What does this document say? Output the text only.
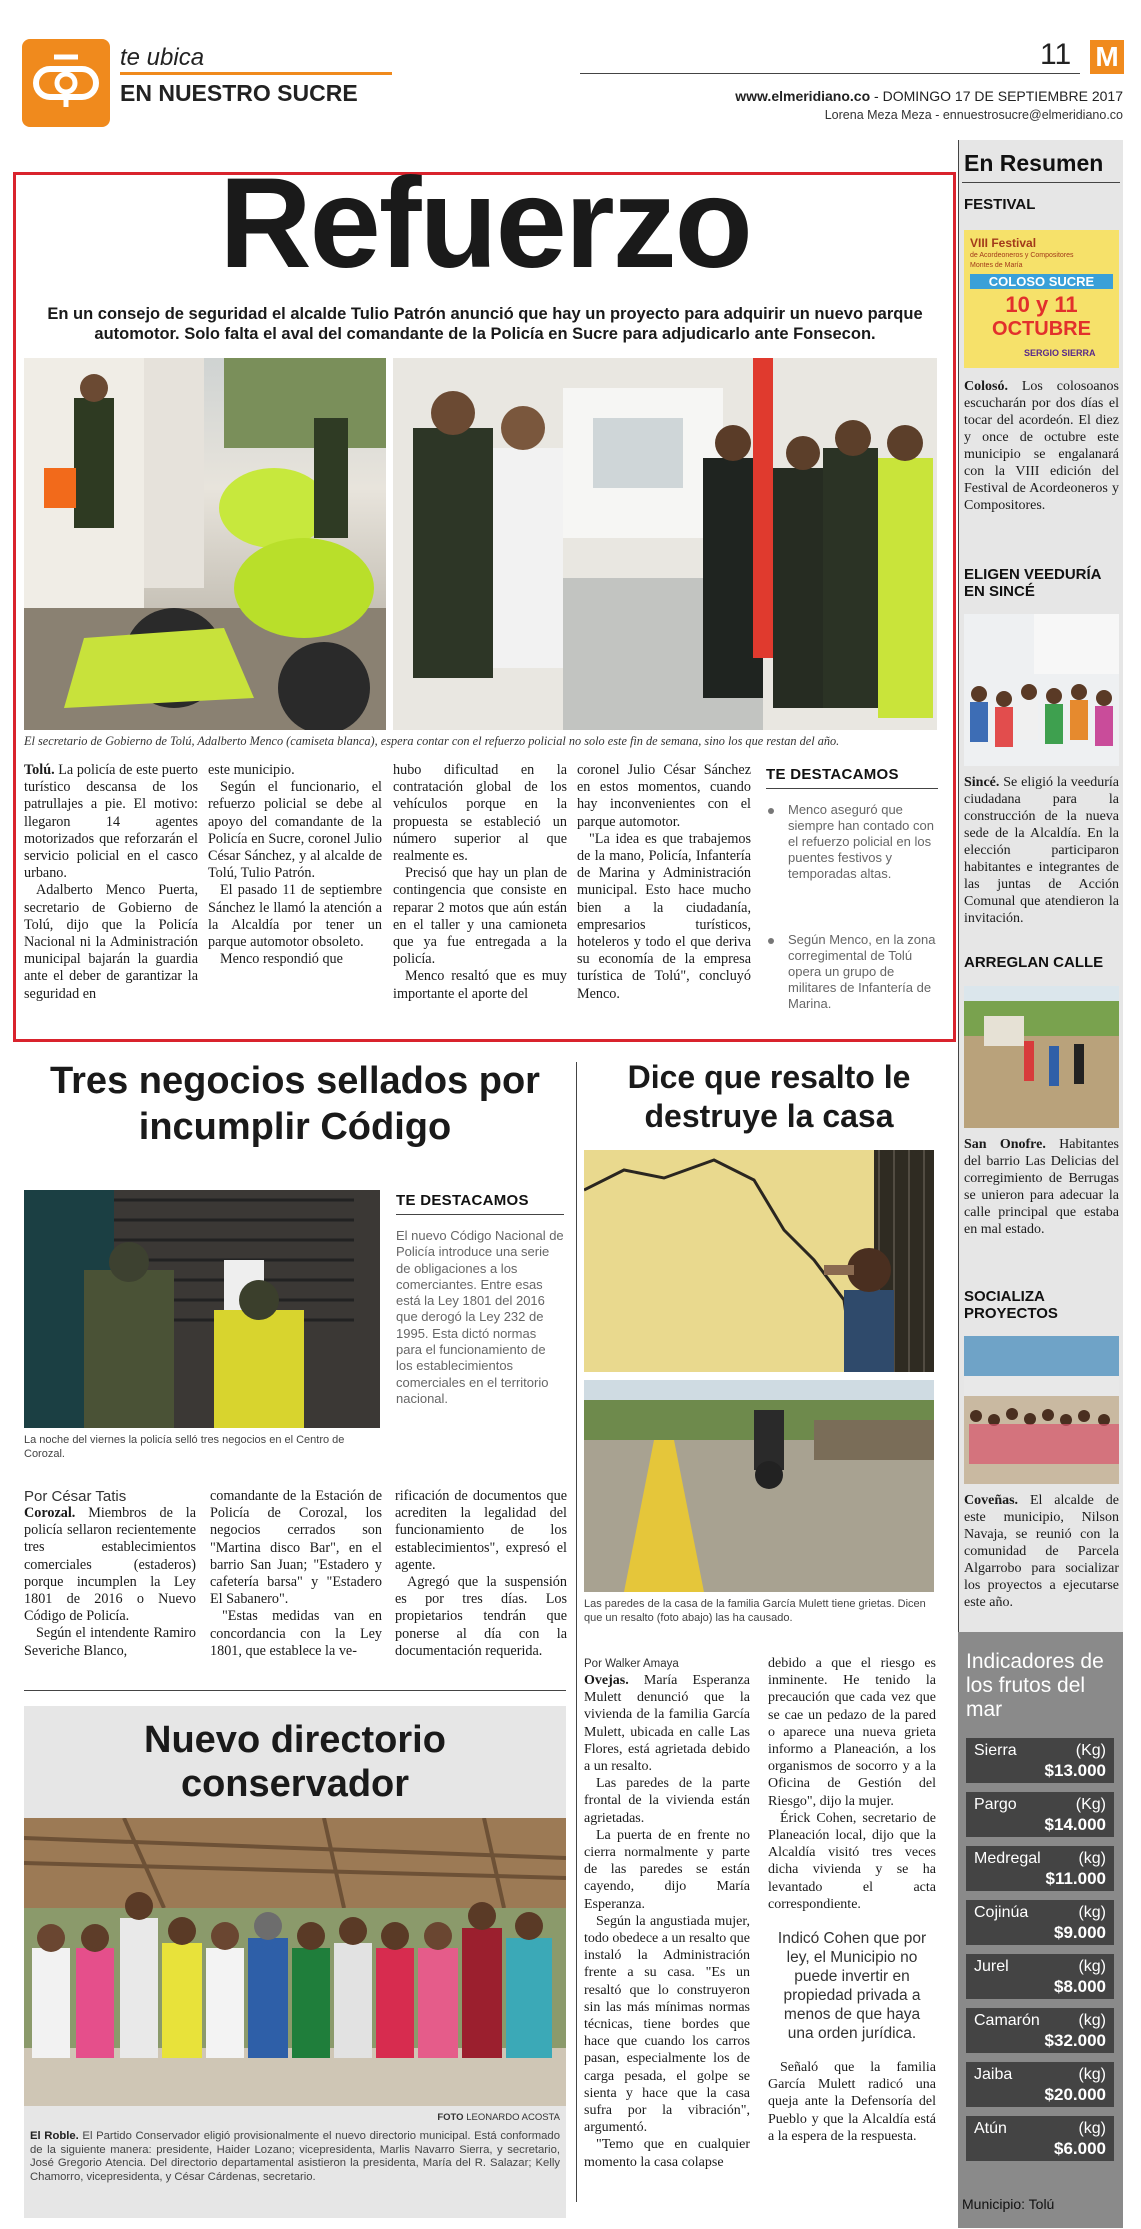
te ubica
EN NUESTRO SUCRE
11 M
www.elmeridiano.co - DOMINGO 17 DE SEPTIEMBRE 2017
Lorena Meza Meza - ennuestrosucre@elmeridiano.co
Refuerzo
En un consejo de seguridad el alcalde Tulio Patrón anunció que hay un proyecto para adquirir un nuevo parque automotor. Solo falta el aval del comandante de la Policía en Sucre para adjudicarlo ante Fonsecon.
El secretario de Gobierno de Tolú, Adalberto Menco (camiseta blanca), espera contar con el refuerzo policial no solo este fin de semana, sino los que restan del año.

Tolú. La policía de este puerto turístico descansa de los patrullajes a pie. El motivo: llegaron 14 agentes motorizados que reforzarán el servicio policial en el casco urbano.

Adalberto Menco Puerta, secretario de Gobierno de Tolú, dijo que la Policía Nacional ni la Administración municipal bajarán la guardia ante el deber de garantizar la seguridad en

este municipio.

Según el funcionario, el refuerzo policial se debe al apoyo del comandante de la Policía en Sucre, coronel Julio César Sánchez, y al alcalde de Tolú, Tulio Patrón.

El pasado 11 de septiembre Sánchez le llamó la atención a la Alcaldía por tener un parque automotor obsoleto.

Menco respondió que

hubo dificultad en la contratación global de los vehículos porque en la propuesta se estableció un número superior al que realmente es.

Precisó que hay un plan de contingencia que consiste en reparar 2 motos que aún están en el taller y una camioneta que ya fue entregada a la policía.

Menco resaltó que es muy importante el aporte del

coronel Julio César Sánchez en estos momentos, cuando hay inconvenientes con el parque automotor.

"La idea es que trabajemos de la mano, Policía, Infantería de Marina y Administración municipal. Esto hace mucho bien a la ciudadanía, empresarios turísticos, hoteleros y todo el que deriva su economía de la empresa turística de Tolú", concluyó Menco.

TE DESTACAMOS
Menco aseguró que siempre han contado con el refuerzo policial en los puentes festivos y temporadas altas.
Según Menco, en la zona corregimental de Tolú opera un grupo de militares de Infantería de Marina.
Tres negocios sellados por incumplir Código
La noche del viernes la policía selló tres negocios en el Centro de Corozal.
TE DESTACAMOS
El nuevo Código Nacional de Policía introduce una serie de obligaciones a los comerciantes. Entre esas está la Ley 1801 del 2016 que derogó la Ley 232 de 1995. Esta dictó normas para el funcionamiento de los establecimientos comerciales en el territorio nacional.
Por César Tatis

Corozal. Miembros de la policía sellaron recientemente tres establecimientos comerciales (estaderos) porque incumplen la Ley 1801 de 2016 o Nuevo Código de Policía.

Según el intendente Ramiro Severiche Blanco,

comandante de la Estación de Policía de Corozal, los negocios cerrados son "Martina disco Bar", en el barrio San Juan; "Estadero y cafetería barsa" y "Estadero El Sabanero".

"Estas medidas van en concordancia con la Ley 1801, que establece la ve-

rificación de documentos que acrediten la legalidad del funcionamiento de los establecimientos", expresó el agente.

Agregó que la suspensión es por tres días. Los propietarios tendrán que ponerse al día con la documentación requerida.

Nuevo directorio conservador
FOTO LEONARDO ACOSTA
El Roble. El Partido Conservador eligió provisionalmente el nuevo directorio municipal. Está conformado de la siguiente manera: presidente, Haider Lozano; vicepresidenta, Marlis Navarro Sierra, y secretario, José Gregorio Atencia. Del directorio departamental asistieron la presidenta, María del R. Salazar; Kelly Chamorro, vicepresidenta, y César Cárdenas, secretario.
Dice que resalto le destruye la casa
Las paredes de la casa de la familia García Mulett tiene grietas. Dicen que un resalto (foto abajo) las ha causado.
Por Walker Amaya

Ovejas. María Esperanza Mulett denunció que la vivienda de la familia García Mulett, ubicada en calle Las Flores, está agrietada debido a un resalto.

Las paredes de la parte frontal de la vivienda están agrietadas.

La puerta de en frente no cierra normalmente y parte de las paredes se están cayendo, dijo María Esperanza.

Según la angustiada mujer, todo obedece a un resalto que instaló la Administración frente a su casa. "Es un resaltó que lo construyeron sin las más mínimas normas técnicas, tiene bordes que hace que cuando los carros pasan, especialmente los de carga pesada, el golpe se sienta y hace que la casa sufra por la vibración", argumentó.

"Temo que en cualquier momento la casa colapse

debido a que el riesgo es inminente. He tenido la precaución que cada vez que se cae un pedazo de la pared o aparece una nueva grieta informo a Planeación, a los organismos de socorro y a la Oficina de Gestión del Riesgo", dijo la mujer.

Érick Cohen, secretario de Planeación local, dijo que la Alcaldía visitó tres veces dicha vivienda y se ha levantado el acta correspondiente.

Indicó Cohen que por ley, el Municipio no puede invertir en propiedad privada a menos de que haya una orden jurídica.

Señaló que la familia García Mulett radicó una queja ante la Defensoría del Pueblo y que la Alcaldía está a la espera de la respuesta.

En Resumen
FESTIVAL
VIII Festival
de Acordeoneros y Compositores
Montes de María
COLOSO SUCRE
10 y 11
OCTUBRE
SERGIO SIERRA
Colosó. Los colosoanos escucharán por dos días el tocar del acordeón. El diez y once de octubre este municipio se engalanará con la VIII edición del Festival de Acordeoneros y Compositores.
ELIGEN VEEDURÍA EN SINCÉ
Sincé. Se eligió la veeduría ciudadana para la construcción de la nueva sede de la Alcaldía. En la elección participaron habitantes e integrantes de las juntas de Acción Comunal que atendieron la invitación.
ARREGLAN CALLE
San Onofre. Habitantes del barrio Las Delicias del corregimiento de Berrugas se unieron para adecuar la calle principal que estaba en mal estado.
SOCIALIZA PROYECTOS
Coveñas. El alcalde de este municipio, Nilson Navaja, se reunió con la comunidad de Parcela Algarrobo para socializar los proyectos a ejecutarse este año.
Indicadores de los frutos del mar
Sierra	(Kg)
$13.000
Pargo	(Kg)
$14.000
Medregal (kg)
$11.000
Cojinúa	(kg)
$9.000
Jurel	(kg)
$8.000
Camarón (kg)
$32.000
Jaiba	(kg)
$20.000
Atún	(kg)
$6.000
Municipio: Tolú
